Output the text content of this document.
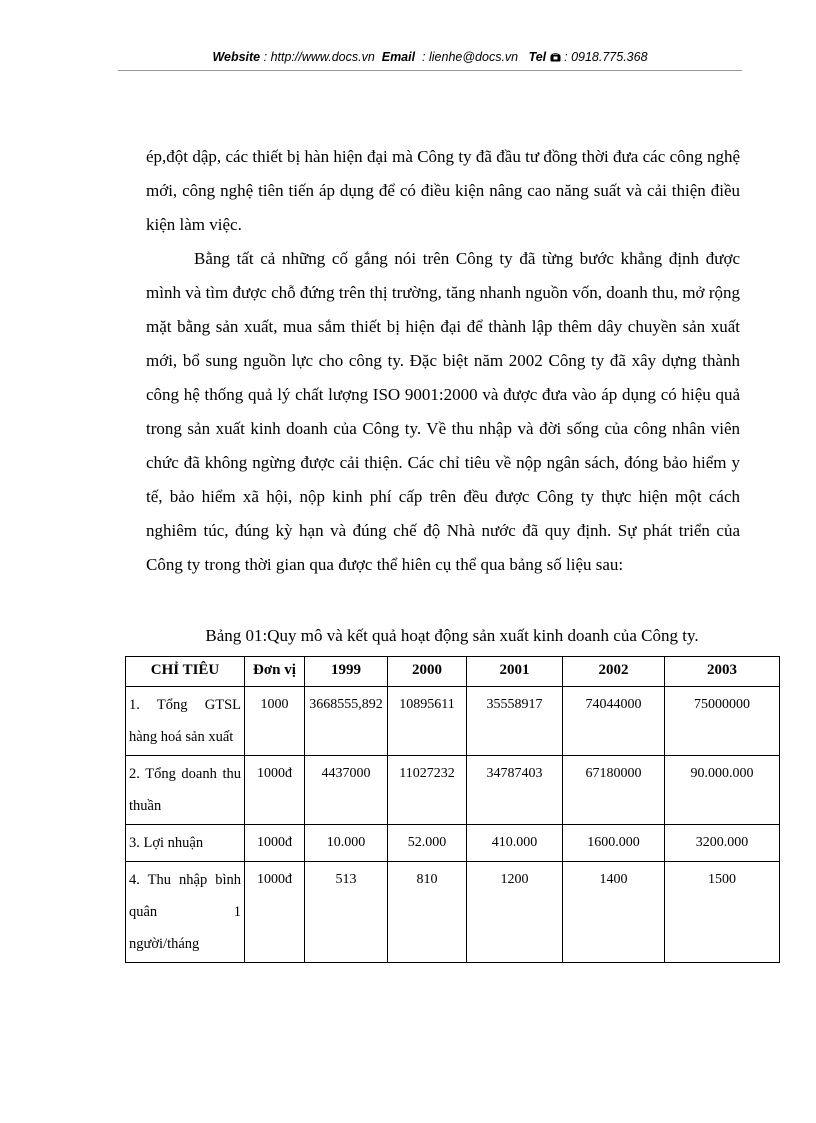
Website : http://www.docs.vn Email  : lienhe@docs.vn Tel  : 0918.775.368

ép,đột dập, các thiết bị hàn hiện đại mà Công ty đã đầu tư đồng thời đưa các công nghệ mới, công nghệ tiên tiến áp dụng để có điều kiện nâng cao năng suất và cải thiện điều kiện làm việc.

Bằng tất cả những cố gắng nói trên Công ty đã từng bước khẳng định được mình và tìm được chỗ đứng trên thị trường, tăng nhanh nguồn vốn, doanh thu, mở rộng mặt bằng sản xuất, mua sắm thiết bị hiện đại để thành lập thêm dây chuyền sản xuất mới, bổ sung nguồn lực cho công ty. Đặc biệt năm 2002 Công ty đã xây dựng thành công hệ thống quả lý chất lượng ISO 9001:2000 và được đưa vào áp dụng có hiệu quả trong sản xuất kinh doanh của Công ty. Về thu nhập và đời sống của công nhân viên chức đã không ngừng được cải thiện. Các chỉ tiêu về nộp ngân sách, đóng bảo hiểm y tế, bảo hiểm xã hội, nộp kinh phí cấp trên đều được Công ty thực hiện một cách nghiêm túc, đúng kỳ hạn và đúng chế độ Nhà nước đã quy định. Sự phát triển của Công ty trong thời gian qua được thể hiên cụ thể qua bảng số liệu sau:

Bảng 01:Quy mô và kết quả hoạt động sản xuất kinh doanh của Công ty.
CHỈ TIÊU	Đơn vị	1999	2000	2001	2002	2003
1. Tổng GTSL hàng hoá sản xuất	1000	3668555,892	10895611	35558917	74044000	75000000
2. Tổng doanh thu thuần	1000đ	4437000	11027232	34787403	67180000	90.000.000
3. Lợi nhuận	1000đ	10.000	52.000	410.000	1600.000	3200.000
4. Thu nhập bình quân 1 người/tháng	1000đ	513	810	1200	1400	1500
